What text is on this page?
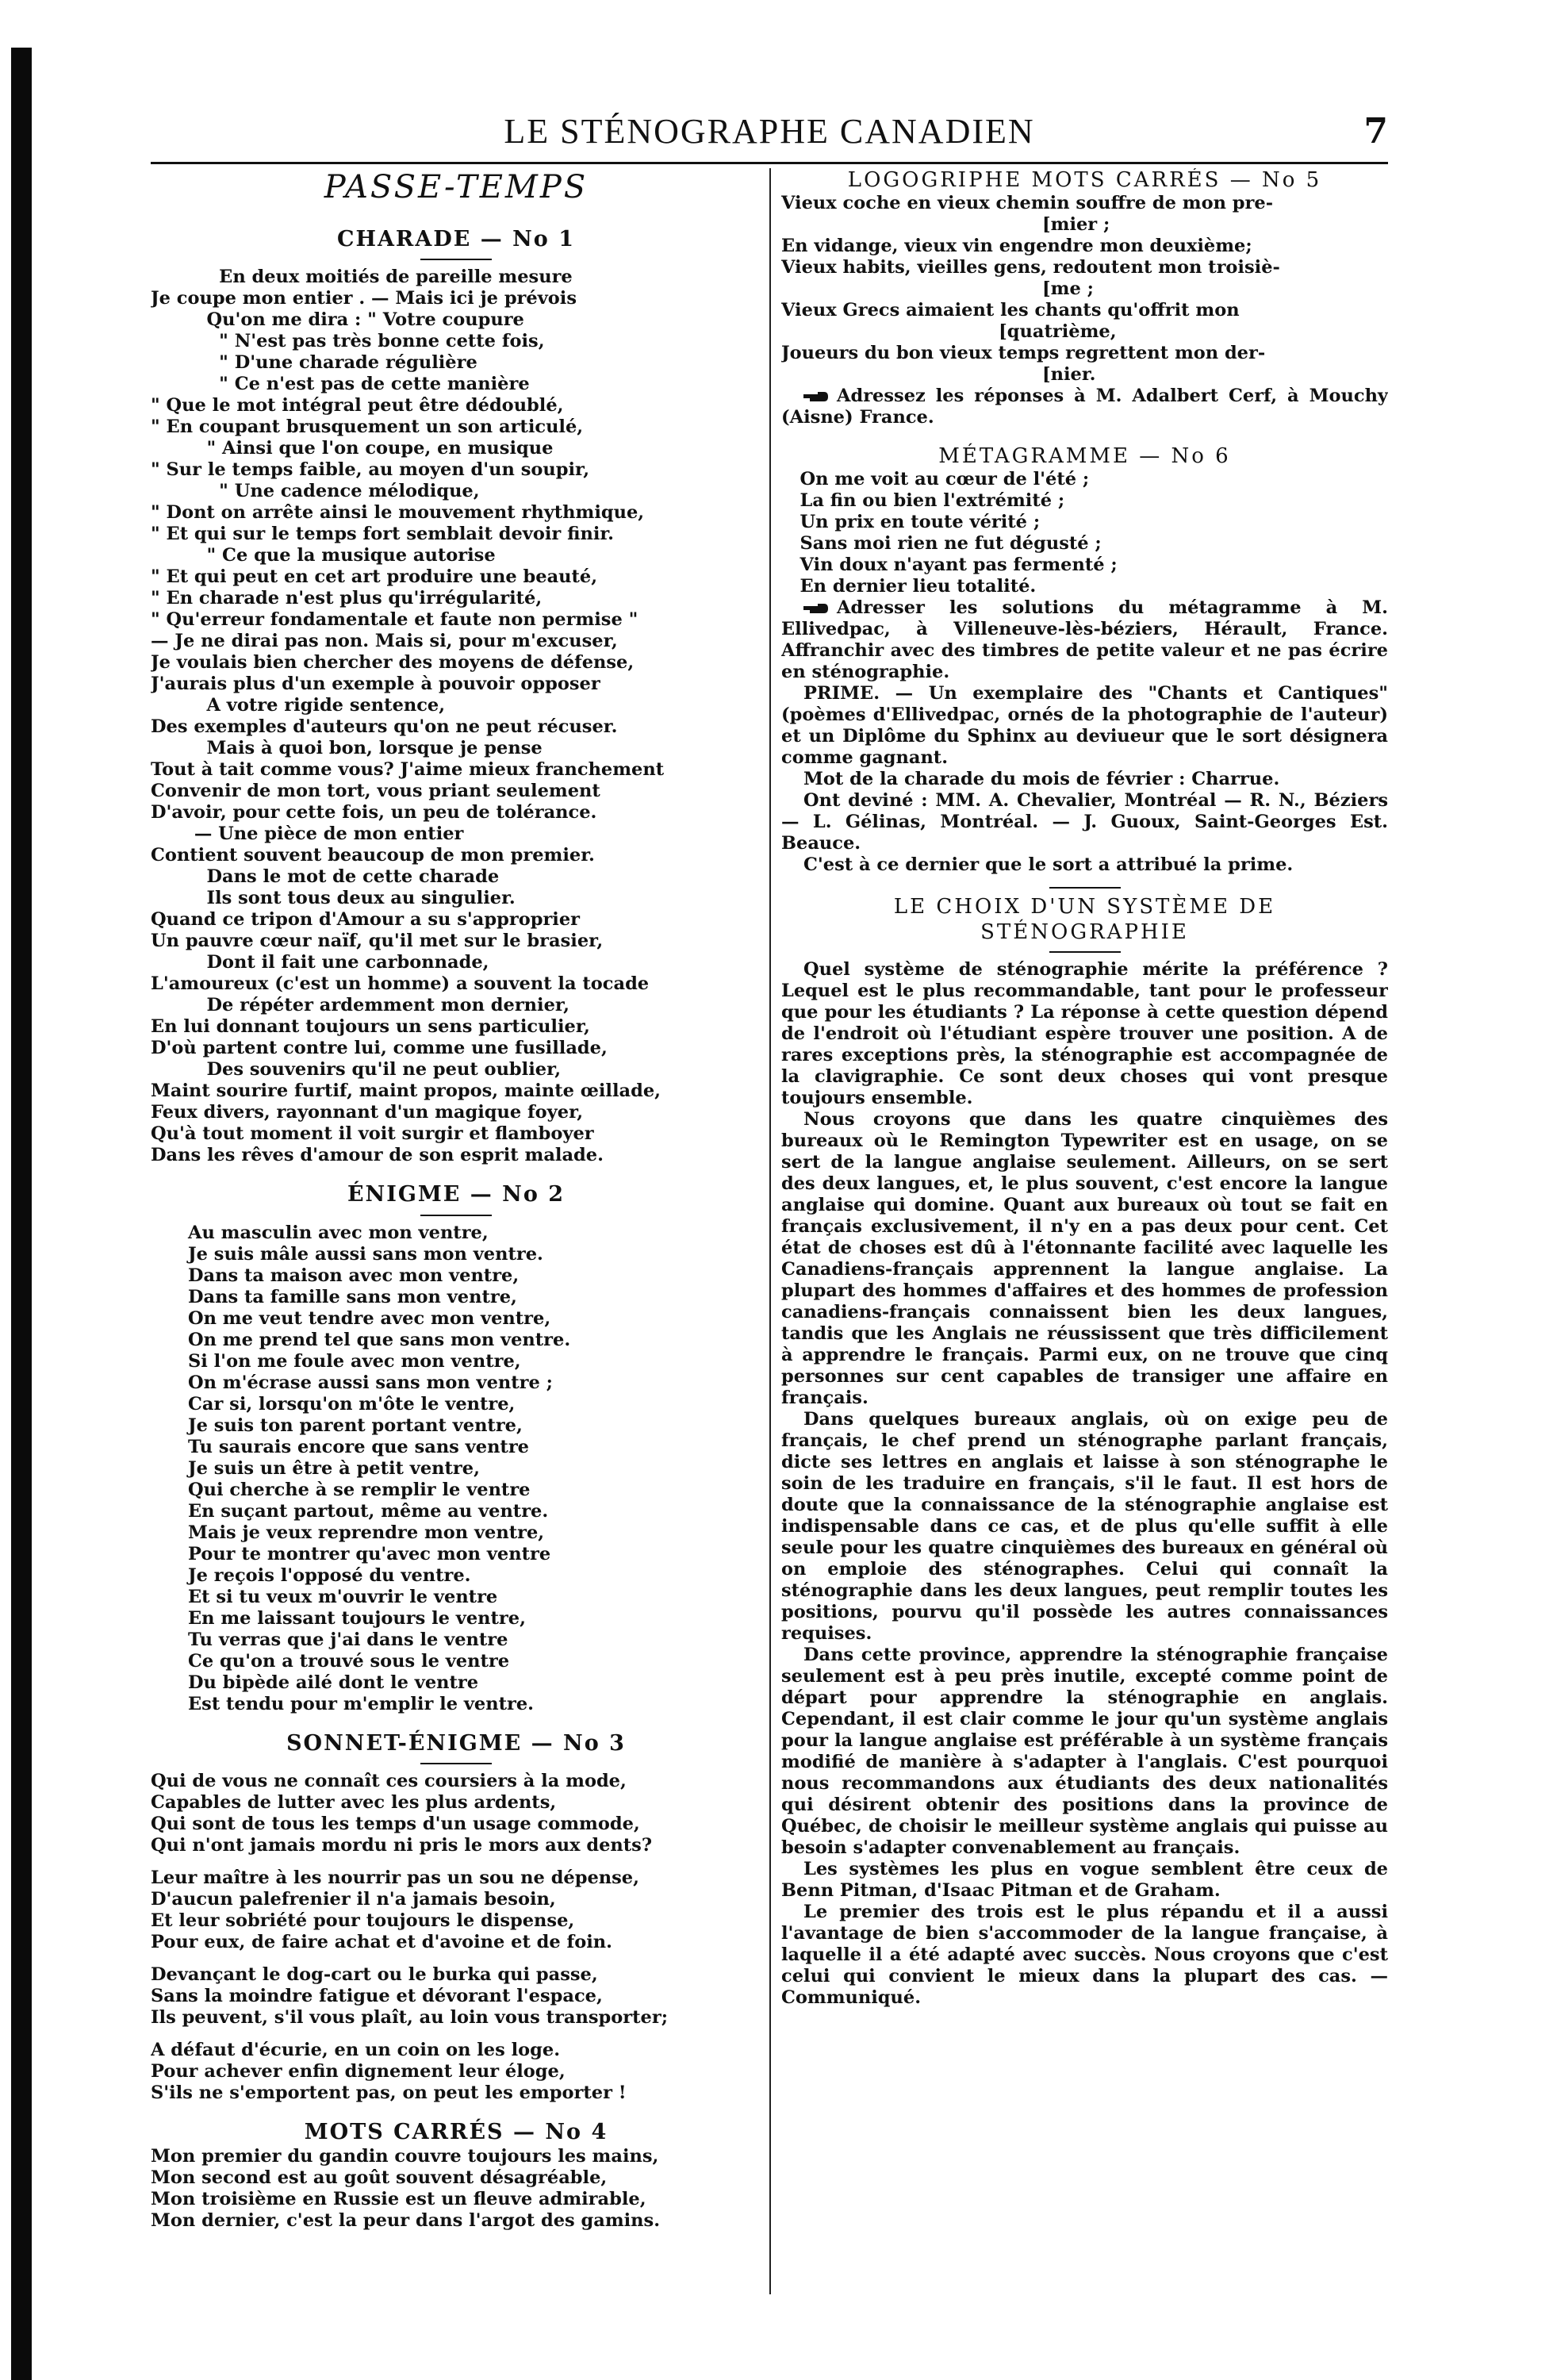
LE STÉNOGRAPHE CANADIEN	7
PASSE-TEMPS
CHARADE — No 1
En deux moitiés de pareille mesure
Je coupe mon entier . — Mais ici je prévois
Qu'on me dira : " Votre coupure
" N'est pas très bonne cette fois,
" D'une charade régulière
" Ce n'est pas de cette manière
" Que le mot intégral peut être dédoublé,
" En coupant brusquement un son articulé,
" Ainsi que l'on coupe, en musique
" Sur le temps faible, au moyen d'un soupir,
" Une cadence mélodique,
" Dont on arrête ainsi le mouvement rhythmique,
" Et qui sur le temps fort semblait devoir finir.
" Ce que la musique autorise
" Et qui peut en cet art produire une beauté,
" En charade n'est plus qu'irrégularité,
" Qu'erreur fondamentale et faute non permise "
— Je ne dirai pas non. Mais si, pour m'excuser,
Je voulais bien chercher des moyens de défense,
J'aurais plus d'un exemple à pouvoir opposer
A votre rigide sentence,
Des exemples d'auteurs qu'on ne peut récuser.
Mais à quoi bon, lorsque je pense
Tout à tait comme vous? J'aime mieux franchement
Convenir de mon tort, vous priant seulement
D'avoir, pour cette fois, un peu de tolérance.
— Une pièce de mon entier
Contient souvent beaucoup de mon premier.
Dans le mot de cette charade
Ils sont tous deux au singulier.
Quand ce tripon d'Amour a su s'approprier
Un pauvre cœur naïf, qu'il met sur le brasier,
Dont il fait une carbonnade,
L'amoureux (c'est un homme) a souvent la tocade
De répéter ardemment mon dernier,
En lui donnant toujours un sens particulier,
D'où partent contre lui, comme une fusillade,
Des souvenirs qu'il ne peut oublier,
Maint sourire furtif, maint propos, mainte œillade,
Feux divers, rayonnant d'un magique foyer,
Qu'à tout moment il voit surgir et flamboyer
Dans les rêves d'amour de son esprit malade.
ÉNIGME — No 2
Au masculin avec mon ventre,
Je suis mâle aussi sans mon ventre.
Dans ta maison avec mon ventre,
Dans ta famille sans mon ventre,
On me veut tendre avec mon ventre,
On me prend tel que sans mon ventre.
Si l'on me foule avec mon ventre,
On m'écrase aussi sans mon ventre ;
Car si, lorsqu'on m'ôte le ventre,
Je suis ton parent portant ventre,
Tu saurais encore que sans ventre
Je suis un être à petit ventre,
Qui cherche à se remplir le ventre
En suçant partout, même au ventre.
Mais je veux reprendre mon ventre,
Pour te montrer qu'avec mon ventre
Je reçois l'opposé du ventre.
Et si tu veux m'ouvrir le ventre
En me laissant toujours le ventre,
Tu verras que j'ai dans le ventre
Ce qu'on a trouvé sous le ventre
Du bipède ailé dont le ventre
Est tendu pour m'emplir le ventre.
SONNET-ÉNIGME — No 3
Qui de vous ne connaît ces coursiers à la mode,
Capables de lutter avec les plus ardents,
Qui sont de tous les temps d'un usage commode,
Qui n'ont jamais mordu ni pris le mors aux dents?
Leur maître à les nourrir pas un sou ne dépense,
D'aucun palefrenier il n'a jamais besoin,
Et leur sobriété pour toujours le dispense,
Pour eux, de faire achat et d'avoine et de foin.
Devançant le dog-cart ou le burka qui passe,
Sans la moindre fatigue et dévorant l'espace,
Ils peuvent, s'il vous plaît, au loin vous transporter;
A défaut d'écurie, en un coin on les loge.
Pour achever enfin dignement leur éloge,
S'ils ne s'emportent pas, on peut les emporter !
MOTS CARRÉS — No 4
Mon premier du gandin couvre toujours les mains,
Mon second est au goût souvent désagréable,
Mon troisième en Russie est un fleuve admirable,
Mon dernier, c'est la peur dans l'argot des gamins.
LOGOGRIPHE MOTS CARRÉS — No 5
Vieux coche en vieux chemin souffre de mon pre-
[mier ;
En vidange, vieux vin engendre mon deuxième;
Vieux habits, vieilles gens, redoutent mon troisiè-
[me ;
Vieux Grecs aimaient les chants qu'offrit mon
[quatrième,
Joueurs du bon vieux temps regrettent mon der-
[nier.

Adressez les réponses à M. Adalbert Cerf, à Mouchy (Aisne) France.

MÉTAGRAMME — No 6
On me voit au cœur de l'été ;
La fin ou bien l'extrémité ;
Un prix en toute vérité ;
Sans moi rien ne fut dégusté ;
Vin doux n'ayant pas fermenté ;
En dernier lieu totalité.

Adresser les solutions du métagramme à M. Ellivedpac, à Villeneuve-lès-béziers, Hérault, France. Affranchir avec des timbres de petite valeur et ne pas écrire en sténographie.

PRIME. — Un exemplaire des "Chants et Cantiques" (poèmes d'Ellivedpac, ornés de la photographie de l'auteur) et un Diplôme du Sphinx au deviueur que le sort désignera comme gagnant.

Mot de la charade du mois de février : Charrue.

Ont deviné : MM. A. Chevalier, Montréal — R. N., Béziers — L. Gélinas, Montréal. — J. Guoux, Saint-Georges Est. Beauce.

C'est à ce dernier que le sort a attribué la prime.

LE CHOIX D'UN SYSTÈME DE
STÉNOGRAPHIE

Quel système de sténographie mérite la préférence ? Lequel est le plus recommandable, tant pour le professeur que pour les étudiants ? La réponse à cette question dépend de l'endroit où l'étudiant espère trouver une position. A de rares exceptions près, la sténographie est accompagnée de la clavigraphie. Ce sont deux choses qui vont presque toujours ensemble.

Nous croyons que dans les quatre cinquièmes des bureaux où le Remington Typewriter est en usage, on se sert de la langue anglaise seulement. Ailleurs, on se sert des deux langues, et, le plus souvent, c'est encore la langue anglaise qui domine. Quant aux bureaux où tout se fait en français exclusivement, il n'y en a pas deux pour cent. Cet état de choses est dû à l'étonnante facilité avec laquelle les Canadiens-français apprennent la langue anglaise. La plupart des hommes d'affaires et des hommes de profession canadiens-français connaissent bien les deux langues, tandis que les Anglais ne réussissent que très difficilement à apprendre le français. Parmi eux, on ne trouve que cinq personnes sur cent capables de transiger une affaire en français.

Dans quelques bureaux anglais, où on exige peu de français, le chef prend un sténographe parlant français, dicte ses lettres en anglais et laisse à son sténographe le soin de les traduire en français, s'il le faut. Il est hors de doute que la connaissance de la sténographie anglaise est indispensable dans ce cas, et de plus qu'elle suffit à elle seule pour les quatre cinquièmes des bureaux en général où on emploie des sténographes. Celui qui connaît la sténographie dans les deux langues, peut remplir toutes les positions, pourvu qu'il possède les autres connaissances requises.

Dans cette province, apprendre la sténographie française seulement est à peu près inutile, excepté comme point de départ pour apprendre la sténographie en anglais. Cependant, il est clair comme le jour qu'un système anglais pour la langue anglaise est préférable à un système français modifié de manière à s'adapter à l'anglais. C'est pourquoi nous recommandons aux étudiants des deux nationalités qui désirent obtenir des positions dans la province de Québec, de choisir le meilleur système anglais qui puisse au besoin s'adapter convenablement au français.

Les systèmes les plus en vogue semblent être ceux de Benn Pitman, d'Isaac Pitman et de Graham.

Le premier des trois est le plus répandu et il a aussi l'avantage de bien s'accommoder de la langue française, à laquelle il a été adapté avec succès. Nous croyons que c'est celui qui convient le mieux dans la plupart des cas. — Communiqué.
